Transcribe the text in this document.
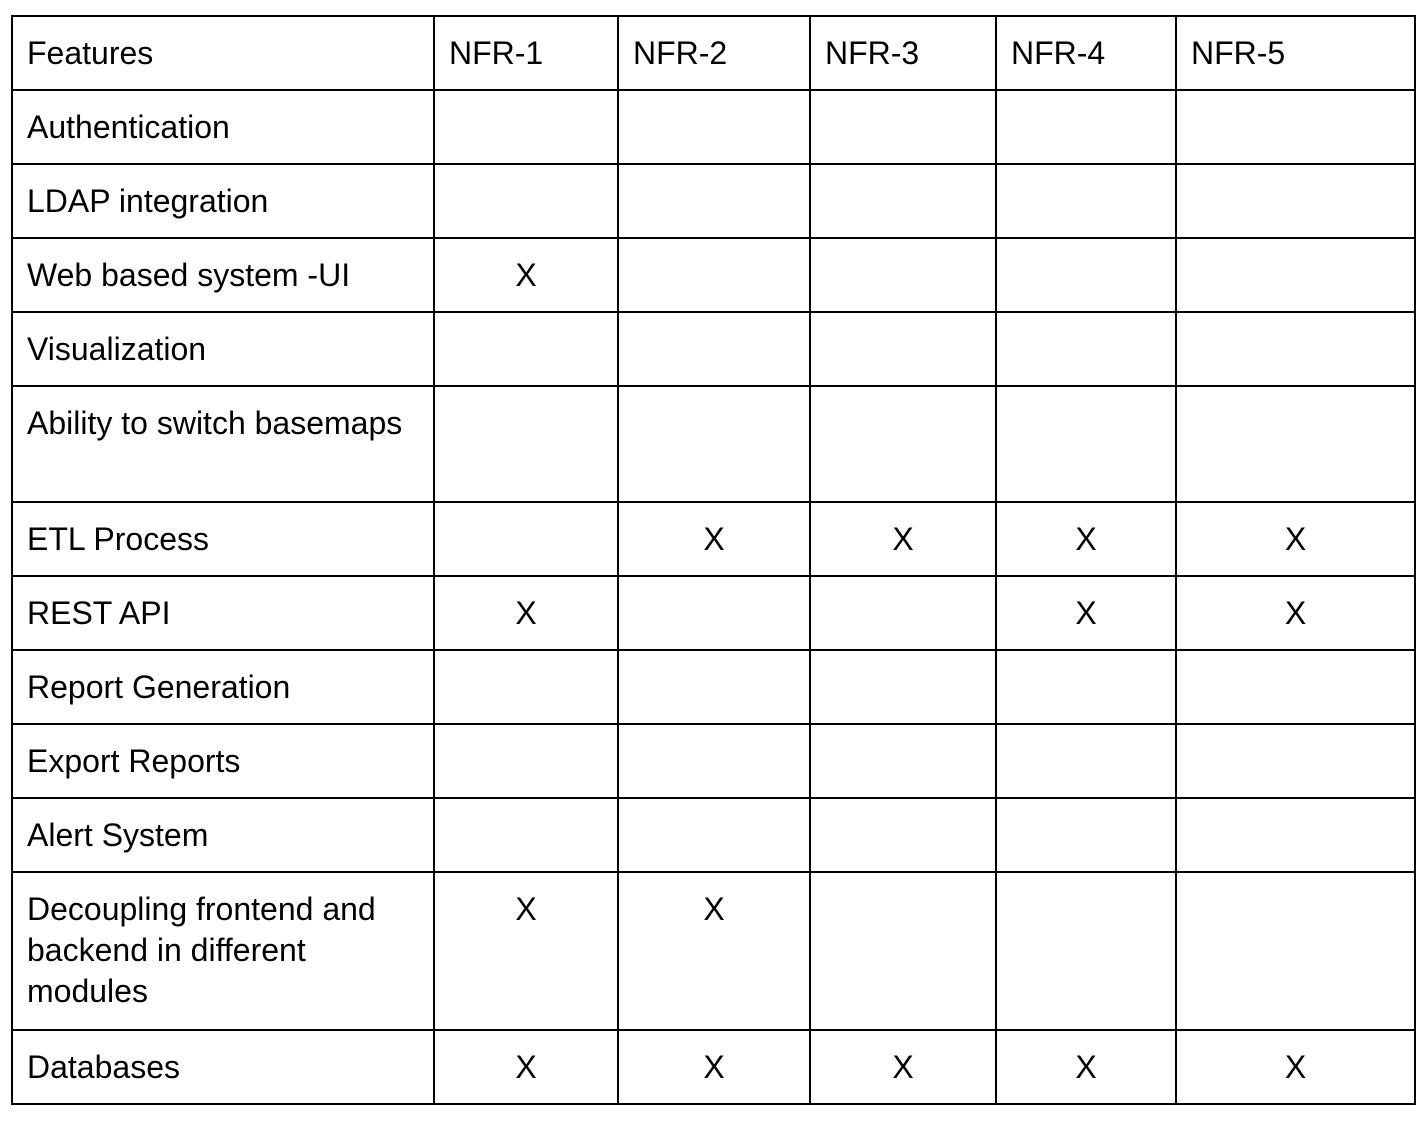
Features	NFR-1	NFR-2	NFR-3	NFR-4	NFR-5
Authentication					
LDAP integration					
Web based system -UI	X				
Visualization					
Ability to switch basemaps					
ETL Process		X	X	X	X
REST API	X			X	X
Report Generation					
Export Reports					
Alert System					
Decoupling frontend and backend in different modules	X	X			
Databases	X	X	X	X	X
